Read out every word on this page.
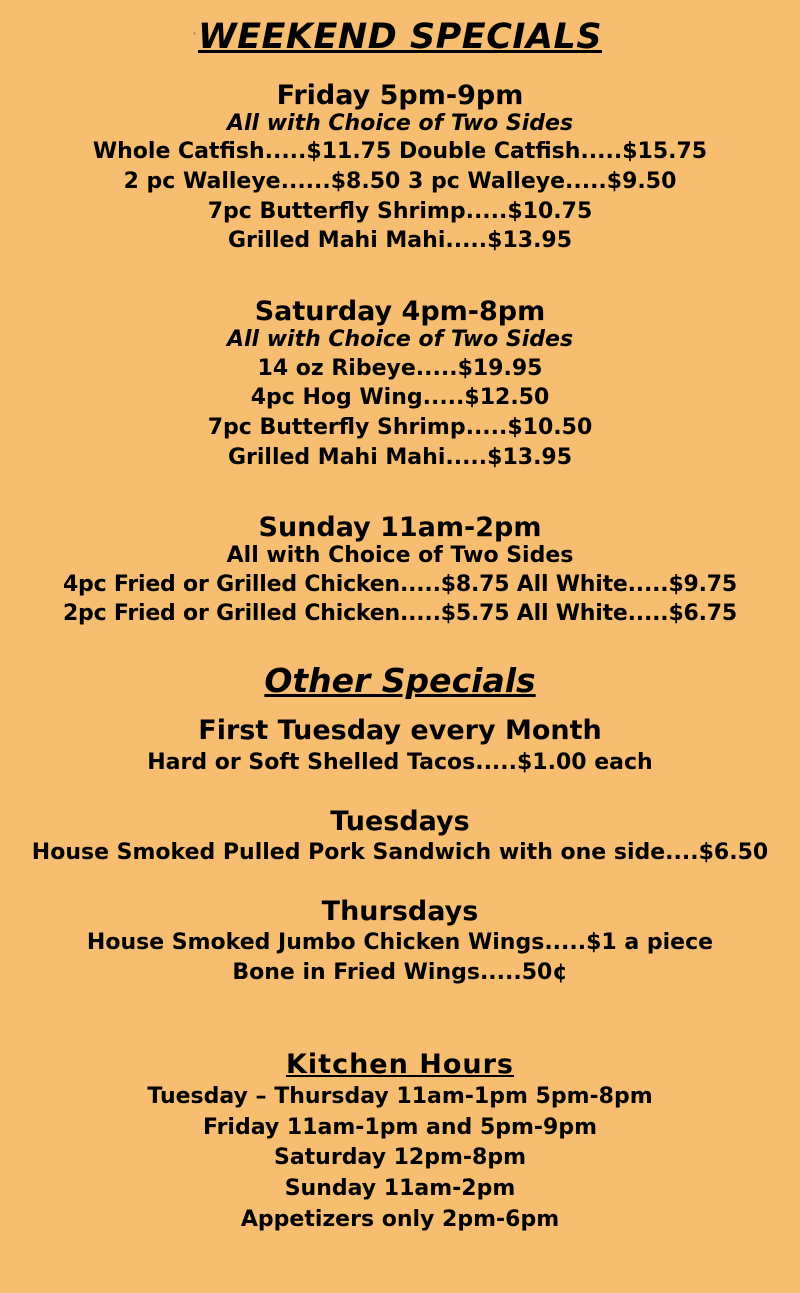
WEEKEND SPECIALS
Friday 5pm-9pm
All with Choice of Two Sides
Whole Catfish.....$11.75 Double Catfish.....$15.75
2 pc Walleye......$8.50 3 pc Walleye.....$9.50
7pc Butterfly Shrimp.....$10.75
Grilled Mahi Mahi.....$13.95
Saturday 4pm-8pm
All with Choice of Two Sides
14 oz Ribeye.....$19.95
4pc Hog Wing.....$12.50
7pc Butterfly Shrimp.....$10.50
Grilled Mahi Mahi.....$13.95
Sunday 11am-2pm
All with Choice of Two Sides
4pc Fried or Grilled Chicken.....$8.75 All White.....$9.75
2pc Fried or Grilled Chicken.....$5.75 All White.....$6.75
Other Specials
First Tuesday every Month
Hard or Soft Shelled Tacos.....$1.00 each
Tuesdays
House Smoked Pulled Pork Sandwich with one side....$6.50
Thursdays
House Smoked Jumbo Chicken Wings.....$1 a piece
Bone in Fried Wings.....50¢
Kitchen Hours
Tuesday – Thursday 11am-1pm 5pm-8pm
Friday 11am-1pm and 5pm-9pm
Saturday 12pm-8pm
Sunday 11am-2pm
Appetizers only 2pm-6pm
